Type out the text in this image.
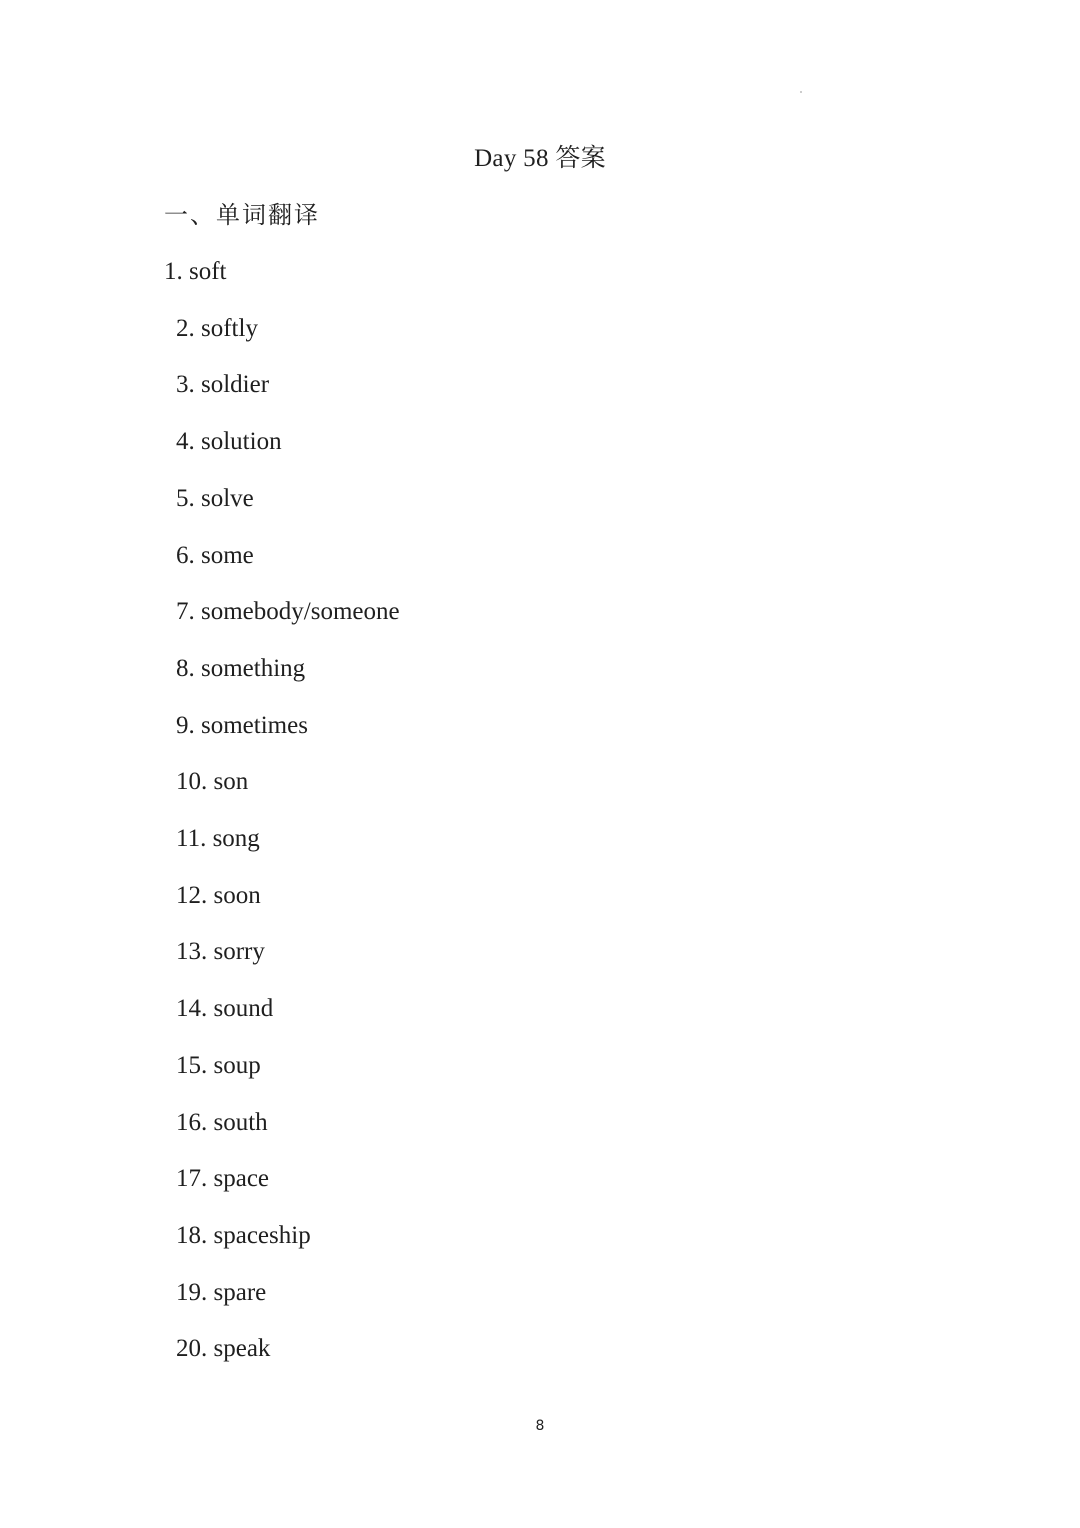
Day 58 答案
一、单词翻译
1. soft
2. softly
3. soldier
4. solution
5. solve
6. some
7. somebody/someone
8. something
9. sometimes
10. son
11. song
12. soon
13. sorry
14. sound
15. soup
16. south
17. space
18. spaceship
19. spare
20. speak
8
